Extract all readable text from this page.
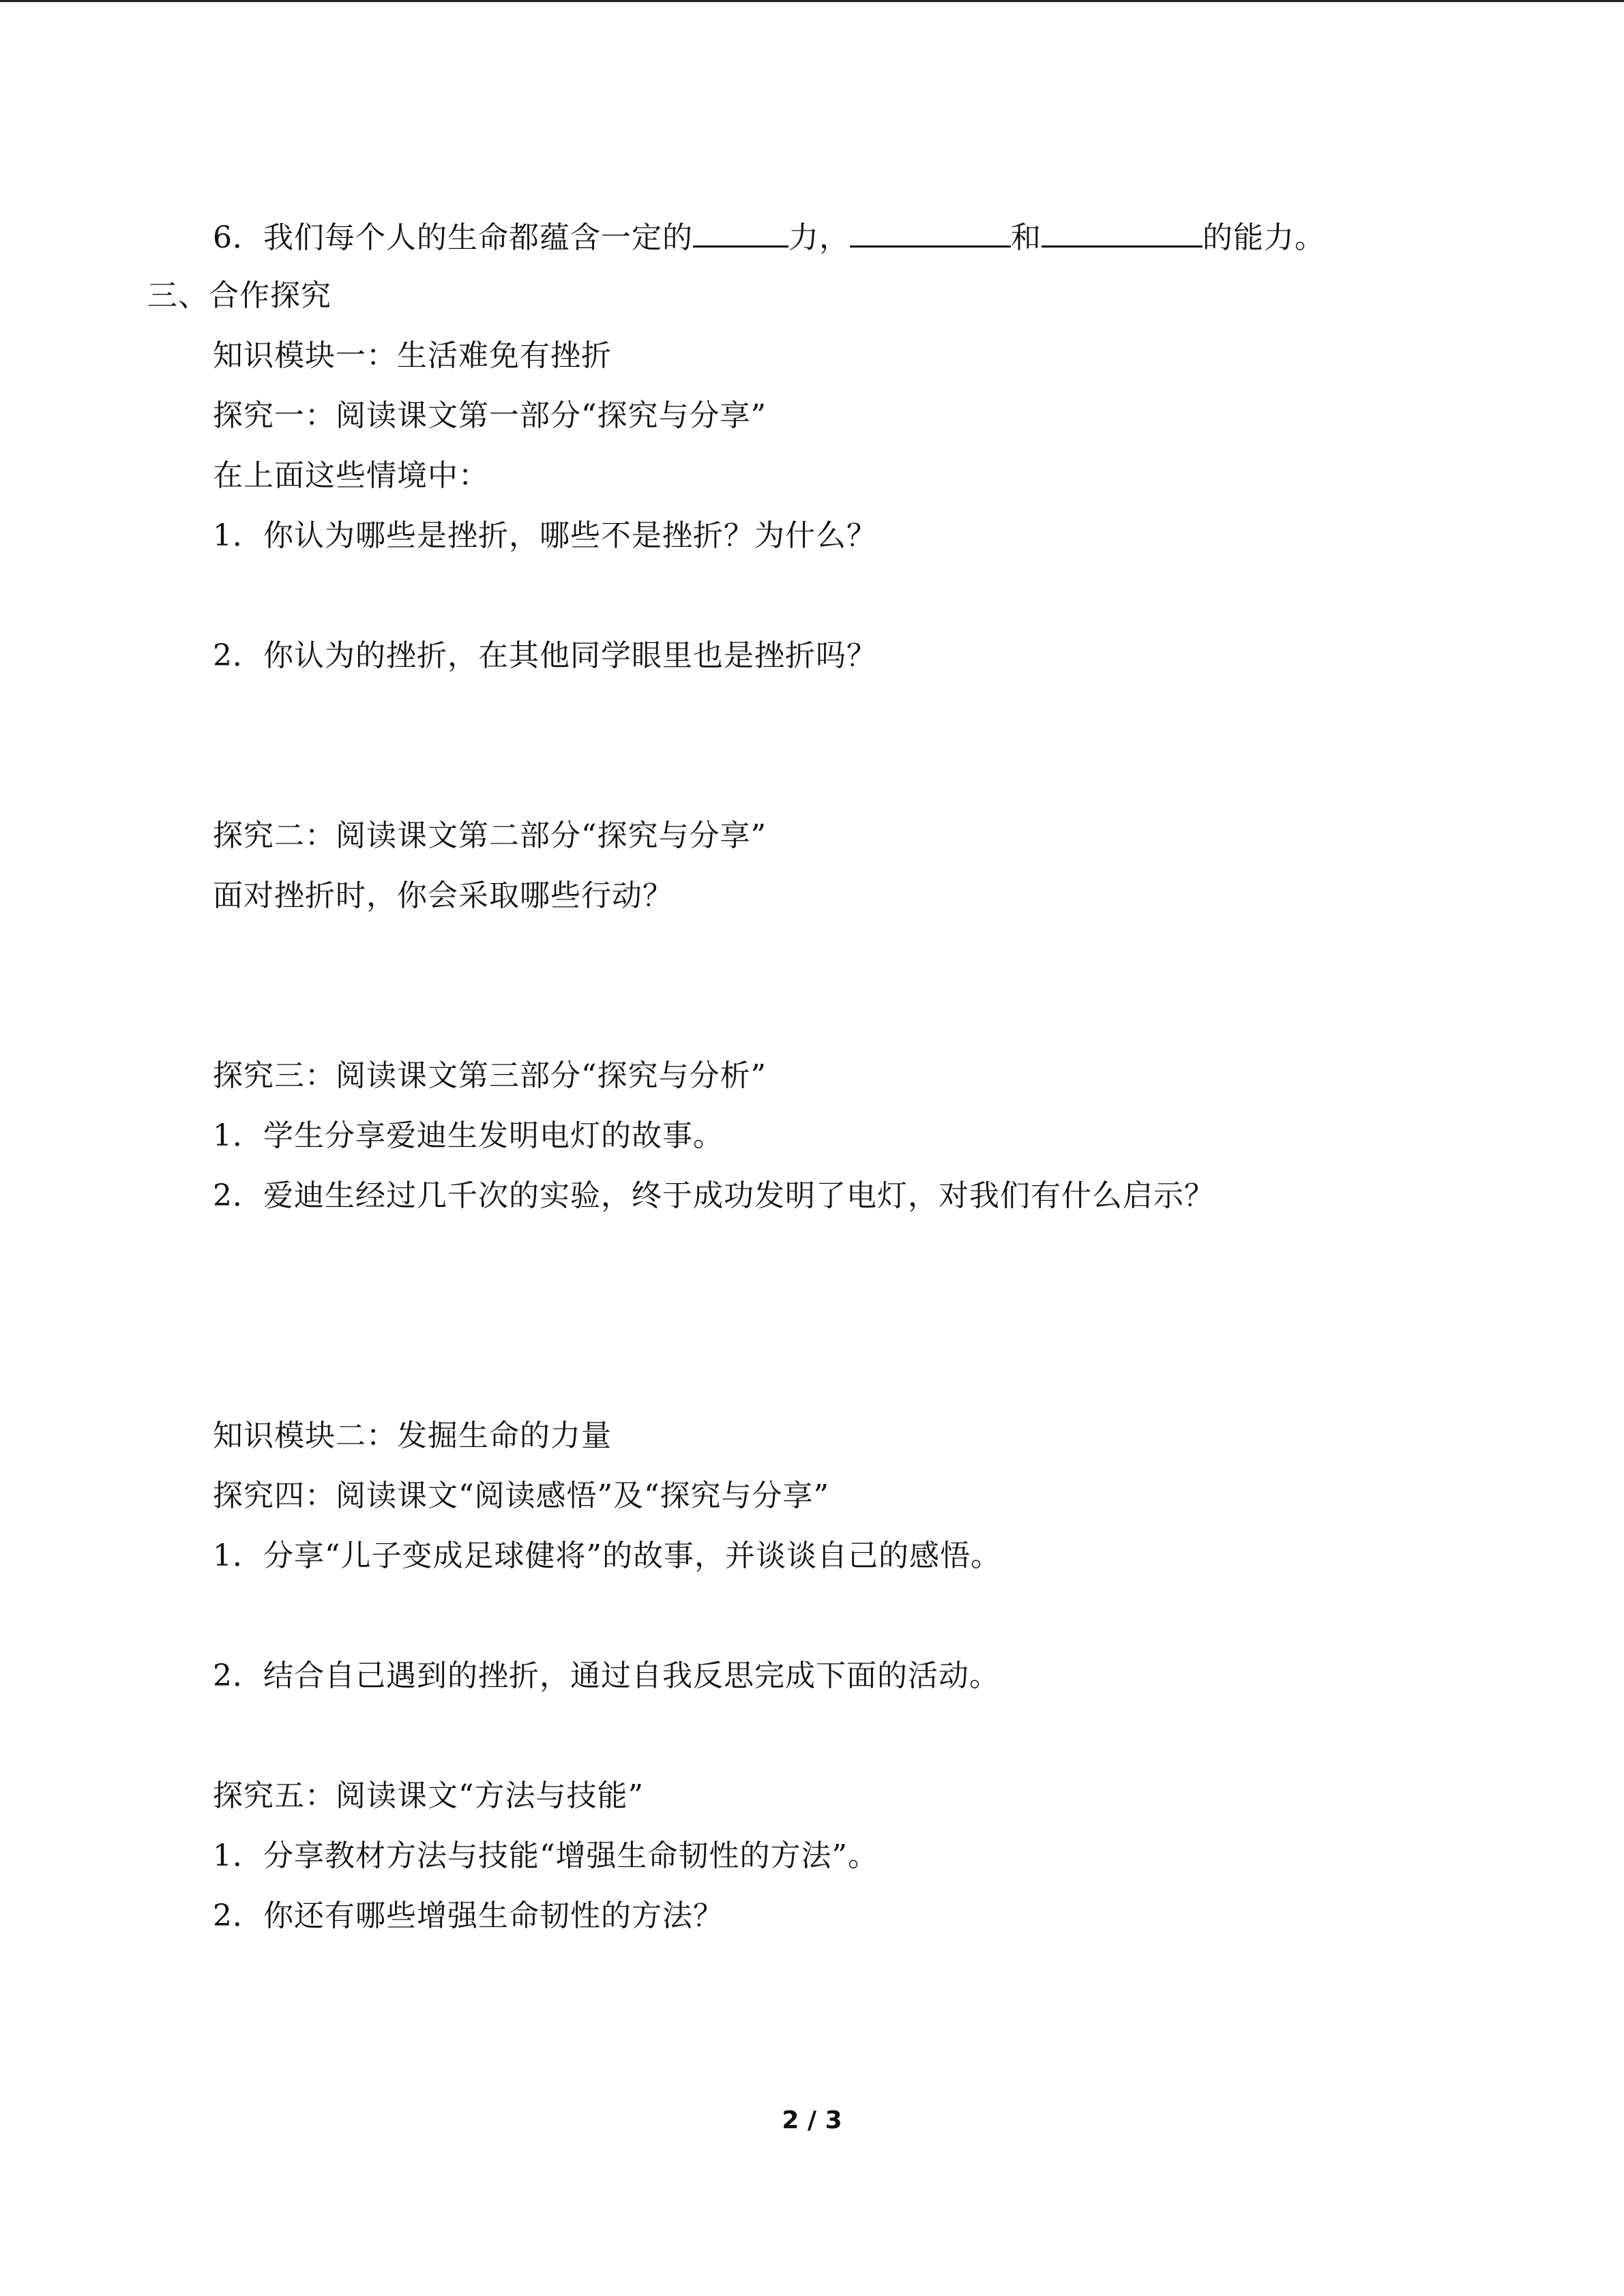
6．我们每个人的生命都蕴含一定的	力，	和	的能力。
三、合作探究
知识模块一：生活难免有挫折
探究一：阅读课文第一部分“探究与分享”
在上面这些情境中：
1．你认为哪些是挫折，哪些不是挫折？为什么？
2．你认为的挫折，在其他同学眼里也是挫折吗？
探究二：阅读课文第二部分“探究与分享”
面对挫折时，你会采取哪些行动？
探究三：阅读课文第三部分“探究与分析”
1．学生分享爱迪生发明电灯的故事。
2．爱迪生经过几千次的实验，终于成功发明了电灯，对我们有什么启示？
知识模块二：发掘生命的力量
探究四：阅读课文“阅读感悟”及“探究与分享”
1．分享“儿子变成足球健将”的故事，并谈谈自己的感悟。
2．结合自己遇到的挫折，通过自我反思完成下面的活动。
探究五：阅读课文“方法与技能”
1．分享教材方法与技能“增强生命韧性的方法”。
2．你还有哪些增强生命韧性的方法？
2 / 3
